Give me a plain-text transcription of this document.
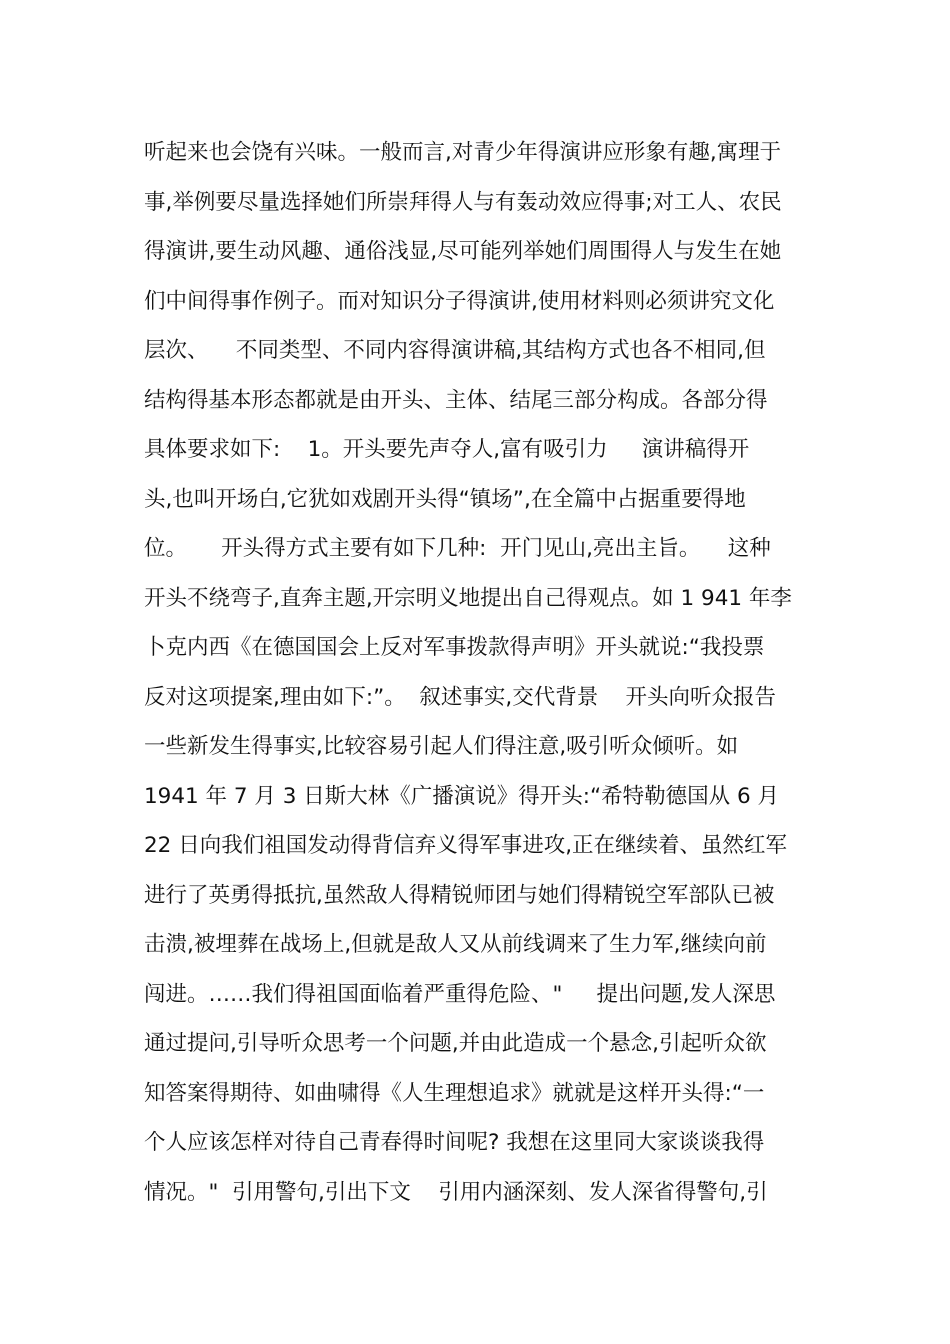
听起来也会饶有兴味。一般而言,对青少年得演讲应形象有趣,寓理于
事,举例要尽量选择她们所崇拜得人与有轰动效应得事;对工人、农民
得演讲,要生动风趣、通俗浅显,尽可能列举她们周围得人与发生在她
们中间得事作例子。而对知识分子得演讲,使用材料则必须讲究文化
层次、    不同类型、不同内容得演讲稿,其结构方式也各不相同,但
结构得基本形态都就是由开头、主体、结尾三部分构成。各部分得
具体要求如下:    1。开头要先声夺人,富有吸引力     演讲稿得开
头,也叫开场白,它犹如戏剧开头得“镇场”,在全篇中占据重要得地
位。     开头得方式主要有如下几种:  开门见山,亮出主旨。    这种
开头不绕弯子,直奔主题,开宗明义地提出自己得观点。如 1 941 年李
卜克内西《在德国国会上反对军事拨款得声明》开头就说:“我投票
反对这项提案,理由如下:”。  叙述事实,交代背景    开头向听众报告
一些新发生得事实,比较容易引起人们得注意,吸引听众倾听。如
1941 年 7 月 3 日斯大林《广播演说》得开头:“希特勒德国从 6 月
22 日向我们祖国发动得背信弃义得军事进攻,正在继续着、虽然红军
进行了英勇得抵抗,虽然敌人得精锐师团与她们得精锐空军部队已被
击溃,被埋葬在战场上,但就是敌人又从前线调来了生力军,继续向前
闯进。……我们得祖国面临着严重得危险、"     提出问题,发人深思
通过提问,引导听众思考一个问题,并由此造成一个悬念,引起听众欲
知答案得期待、如曲啸得《人生理想追求》就就是这样开头得:“一
个人应该怎样对待自己青春得时间呢? 我想在这里同大家谈谈我得
情况。"  引用警句,引出下文    引用内涵深刻、发人深省得警句,引
